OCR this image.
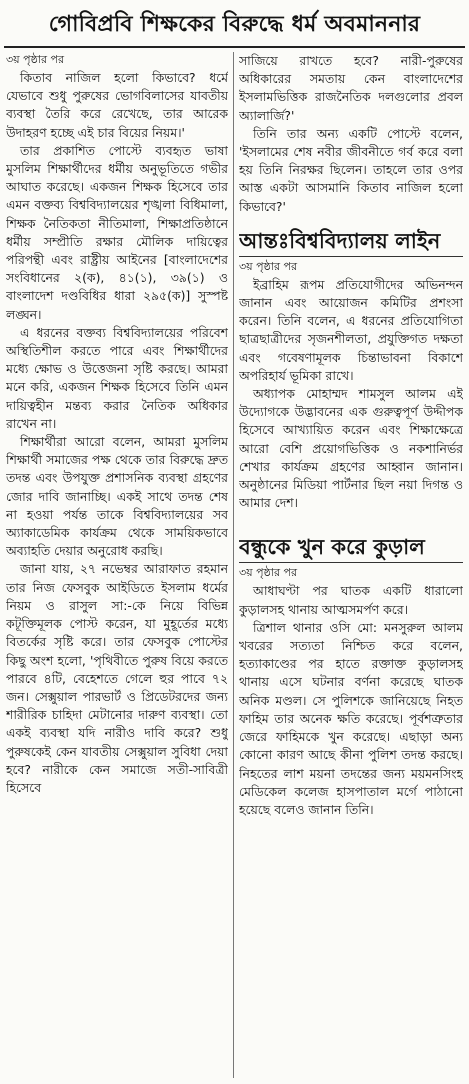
গোবিপ্রবি শিক্ষকের বিরুদ্ধে ধর্ম অবমাননার
৩য় পৃষ্ঠার পর

কিতাব নাজিল হলো কিভাবে? ধর্মে যেভাবে শুধু পুরুষের ভোগবিলাসের যাবতীয় ব্যবস্থা তৈরি করে রেখেছে, তার আরেক উদাহরণ হচ্ছে এই চার বিয়ের নিয়ম।'

তার প্রকাশিত পোস্টে ব্যবহৃত ভাষা মুসলিম শিক্ষার্থীদের ধর্মীয় অনুভূতিতে গভীর আঘাত করেছে। একজন শিক্ষক হিসেবে তার এমন বক্তব্য বিশ্ববিদ্যালয়ের শৃঙ্খলা বিধিমালা, শিক্ষক নৈতিকতা নীতিমালা, শিক্ষাপ্রতিষ্ঠানে ধর্মীয় সম্প্রীতি রক্ষার মৌলিক দায়িত্বের পরিপন্থী এবং রাষ্ট্রীয় আইনের [বাংলাদেশের সংবিধানের ২(ক), ৪১(১), ৩৯(১) ও বাংলাদেশ দণ্ডবিধির ধারা ২৯৫(ক)] সুস্পষ্ট লঙ্ঘন।

এ ধরনের বক্তব্য বিশ্ববিদ্যালয়ের পরিবেশ অস্থিতিশীল করতে পারে এবং শিক্ষার্থীদের মধ্যে ক্ষোভ ও উত্তেজনা সৃষ্টি করছে। আমরা মনে করি, একজন শিক্ষক হিসেবে তিনি এমন দায়িত্বহীন মন্তব্য করার নৈতিক অধিকার রাখেন না।

শিক্ষার্থীরা আরো বলেন, আমরা মুসলিম শিক্ষার্থী সমাজের পক্ষ থেকে তার বিরুদ্ধে দ্রুত তদন্ত এবং উপযুক্ত প্রশাসনিক ব্যবস্থা গ্রহণের জোর দাবি জানাচ্ছি। একই সাথে তদন্ত শেষ না হওয়া পর্যন্ত তাকে বিশ্ববিদ্যালয়ের সব অ্যাকাডেমিক কার্যক্রম থেকে সাময়িকভাবে অব্যাহতি দেয়ার অনুরোধ করছি।

জানা যায়, ২৭ নভেম্বর আরাফাত রহমান তার নিজ ফেসবুক আইডিতে ইসলাম ধর্মের নিয়ম ও রাসুল সা:-কে নিয়ে বিভিন্ন কটূক্তিমূলক পোস্ট করেন, যা মুহূর্তের মধ্যে বিতর্কের সৃষ্টি করে। তার ফেসবুক পোস্টের কিছু অংশ হলো, 'পৃথিবীতে পুরুষ বিয়ে করতে পারবে ৪টি, বেহেশতে গেলে হুর পাবে ৭২ জন। সেক্সুয়াল পারভার্ট ও প্রিডেটরদের জন্য শারীরিক চাহিদা মেটানোর দারুণ ব্যবস্থা। তো একই ব্যবস্থা যদি নারীও দাবি করে? শুধু পুরুষকেই কেন যাবতীয় সেক্সুয়াল সুবিধা দেয়া হবে? নারীকে কেন সমাজে সতী-সাবিত্রী হিসেবে

সাজিয়ে রাখতে হবে? নারী-পুরুষের অধিকারের সমতায় কেন বাংলাদেশের ইসলামভিত্তিক রাজনৈতিক দলগুলোর প্রবল অ্যালার্জি?'

তিনি তার অন্য একটি পোস্টে বলেন, 'ইসলামের শেষ নবীর জীবনীতে গর্ব করে বলা হয় তিনি নিরক্ষর ছিলেন। তাহলে তার ওপর আস্ত একটা আসমানি কিতাব নাজিল হলো কিভাবে?'

আন্তঃবিশ্ববিদ্যালয় লাইন
৩য় পৃষ্ঠার পর

ইব্রাহিম রূপম প্রতিযোগীদের অভিনন্দন জানান এবং আয়োজন কমিটির প্রশংসা করেন। তিনি বলেন, এ ধরনের প্রতিযোগিতা ছাত্রছাত্রীদের সৃজনশীলতা, প্রযুক্তিগত দক্ষতা এবং গবেষণামূলক চিন্তাভাবনা বিকাশে অপরিহার্য ভূমিকা রাখে।

অধ্যাপক মোহাম্মদ শামসুল আলম এই উদ্যোগকে উদ্ভাবনের এক গুরুত্বপূর্ণ উদ্দীপক হিসেবে আখ্যায়িত করেন এবং শিক্ষাক্ষেত্রে আরো বেশি প্রয়োগভিত্তিক ও নকশানির্ভর শেখার কার্যক্রম গ্রহণের আহ্বান জানান। অনুষ্ঠানের মিডিয়া পার্টনার ছিল নয়া দিগন্ত ও আমার দেশ।

বন্ধুকে খুন করে কুড়াল
৩য় পৃষ্ঠার পর

আধাঘণ্টা পর ঘাতক একটি ধারালো কুড়ালসহ থানায় আত্মসমর্পণ করে।

ত্রিশাল থানার ওসি মো: মনসুরুল আলম খবরের সত্যতা নিশ্চিত করে বলেন, হত্যাকাণ্ডের পর হাতে রক্তাক্ত কুড়ালসহ থানায় এসে ঘটনার বর্ণনা করেছে ঘাতক অনিক মণ্ডল। সে পুলিশকে জানিয়েছে নিহত ফাহিম তার অনেক ক্ষতি করেছে। পূর্বশত্রুতার জেরে ফাহিমকে খুন করেছে। এছাড়া অন্য কোনো কারণ আছে কীনা পুলিশ তদন্ত করছে। নিহতের লাশ ময়না তদন্তের জন্য ময়মনসিংহ মেডিকেল কলেজ হাসপাতাল মর্গে পাঠানো হয়েছে বলেও জানান তিনি।
